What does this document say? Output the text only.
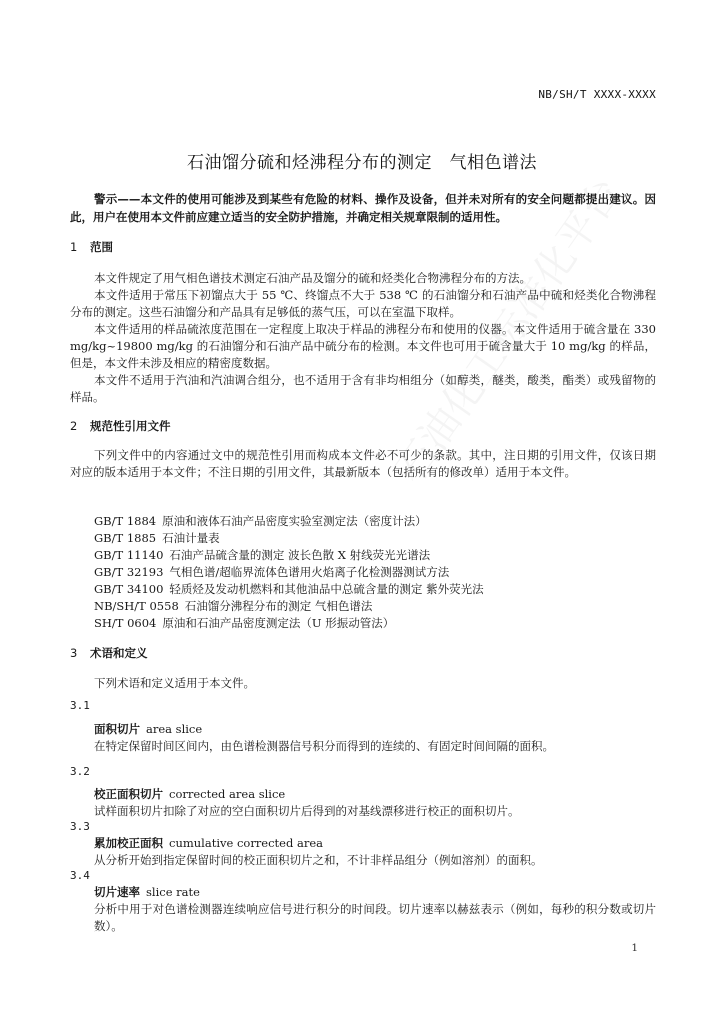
NB/SH/T XXXX-XXXX
石油馏分硫和烃沸程分布的测定　气相色谱法

警示——本文件的使用可能涉及到某些有危险的材料、操作及设备，但并未对所有的安全问题都提出建议。因此，用户在使用本文件前应建立适当的安全防护措施，并确定相关规章限制的适用性。

1 范围

本文件规定了用气相色谱技术测定石油产品及馏分的硫和烃类化合物沸程分布的方法。

本文件适用于常压下初馏点大于 55 ℃、终馏点不大于 538 ℃ 的石油馏分和石油产品中硫和烃类化合物沸程分布的测定。这些石油馏分和产品具有足够低的蒸气压，可以在室温下取样。

本文件适用的样品硫浓度范围在一定程度上取决于样品的沸程分布和使用的仪器。本文件适用于硫含量在 330 mg/kg~19800 mg/kg 的石油馏分和石油产品中硫分布的检测。本文件也可用于硫含量大于 10 mg/kg 的样品，但是，本文件未涉及相应的精密度数据。

本文件不适用于汽油和汽油调合组分，也不适用于含有非均相组分（如醇类，醚类，酸类，酯类）或残留物的样品。

2 规范性引用文件

下列文件中的内容通过文中的规范性引用而构成本文件必不可少的条款。其中，注日期的引用文件，仅该日期对应的版本适用于本文件；不注日期的引用文件，其最新版本（包括所有的修改单）适用于本文件。

GB/T 1884 原油和液体石油产品密度实验室测定法（密度计法）
GB/T 1885 石油计量表
GB/T 11140 石油产品硫含量的测定 波长色散 X 射线荧光光谱法
GB/T 32193 气相色谱/超临界流体色谱用火焰离子化检测器测试方法
GB/T 34100 轻质烃及发动机燃料和其他油品中总硫含量的测定 紫外荧光法
NB/SH/T 0558 石油馏分沸程分布的测定 气相色谱法
SH/T 0604 原油和石油产品密度测定法（U 形振动管法）
3 术语和定义

下列术语和定义适用于本文件。

3.1
面积切片 area slice
在特定保留时间区间内，由色谱检测器信号积分而得到的连续的、有固定时间间隔的面积。
3.2
校正面积切片 corrected area slice
试样面积切片扣除了对应的空白面积切片后得到的对基线漂移进行校正的面积切片。
3.3
累加校正面积 cumulative corrected area
从分析开始到指定保留时间的校正面积切片之和，不计非样品组分（例如溶剂）的面积。
3.4
切片速率 slice rate
分析中用于对色谱检测器连续响应信号进行积分的时间段。切片速率以赫兹表示（例如，每秒的积分数或切片数）。
1
